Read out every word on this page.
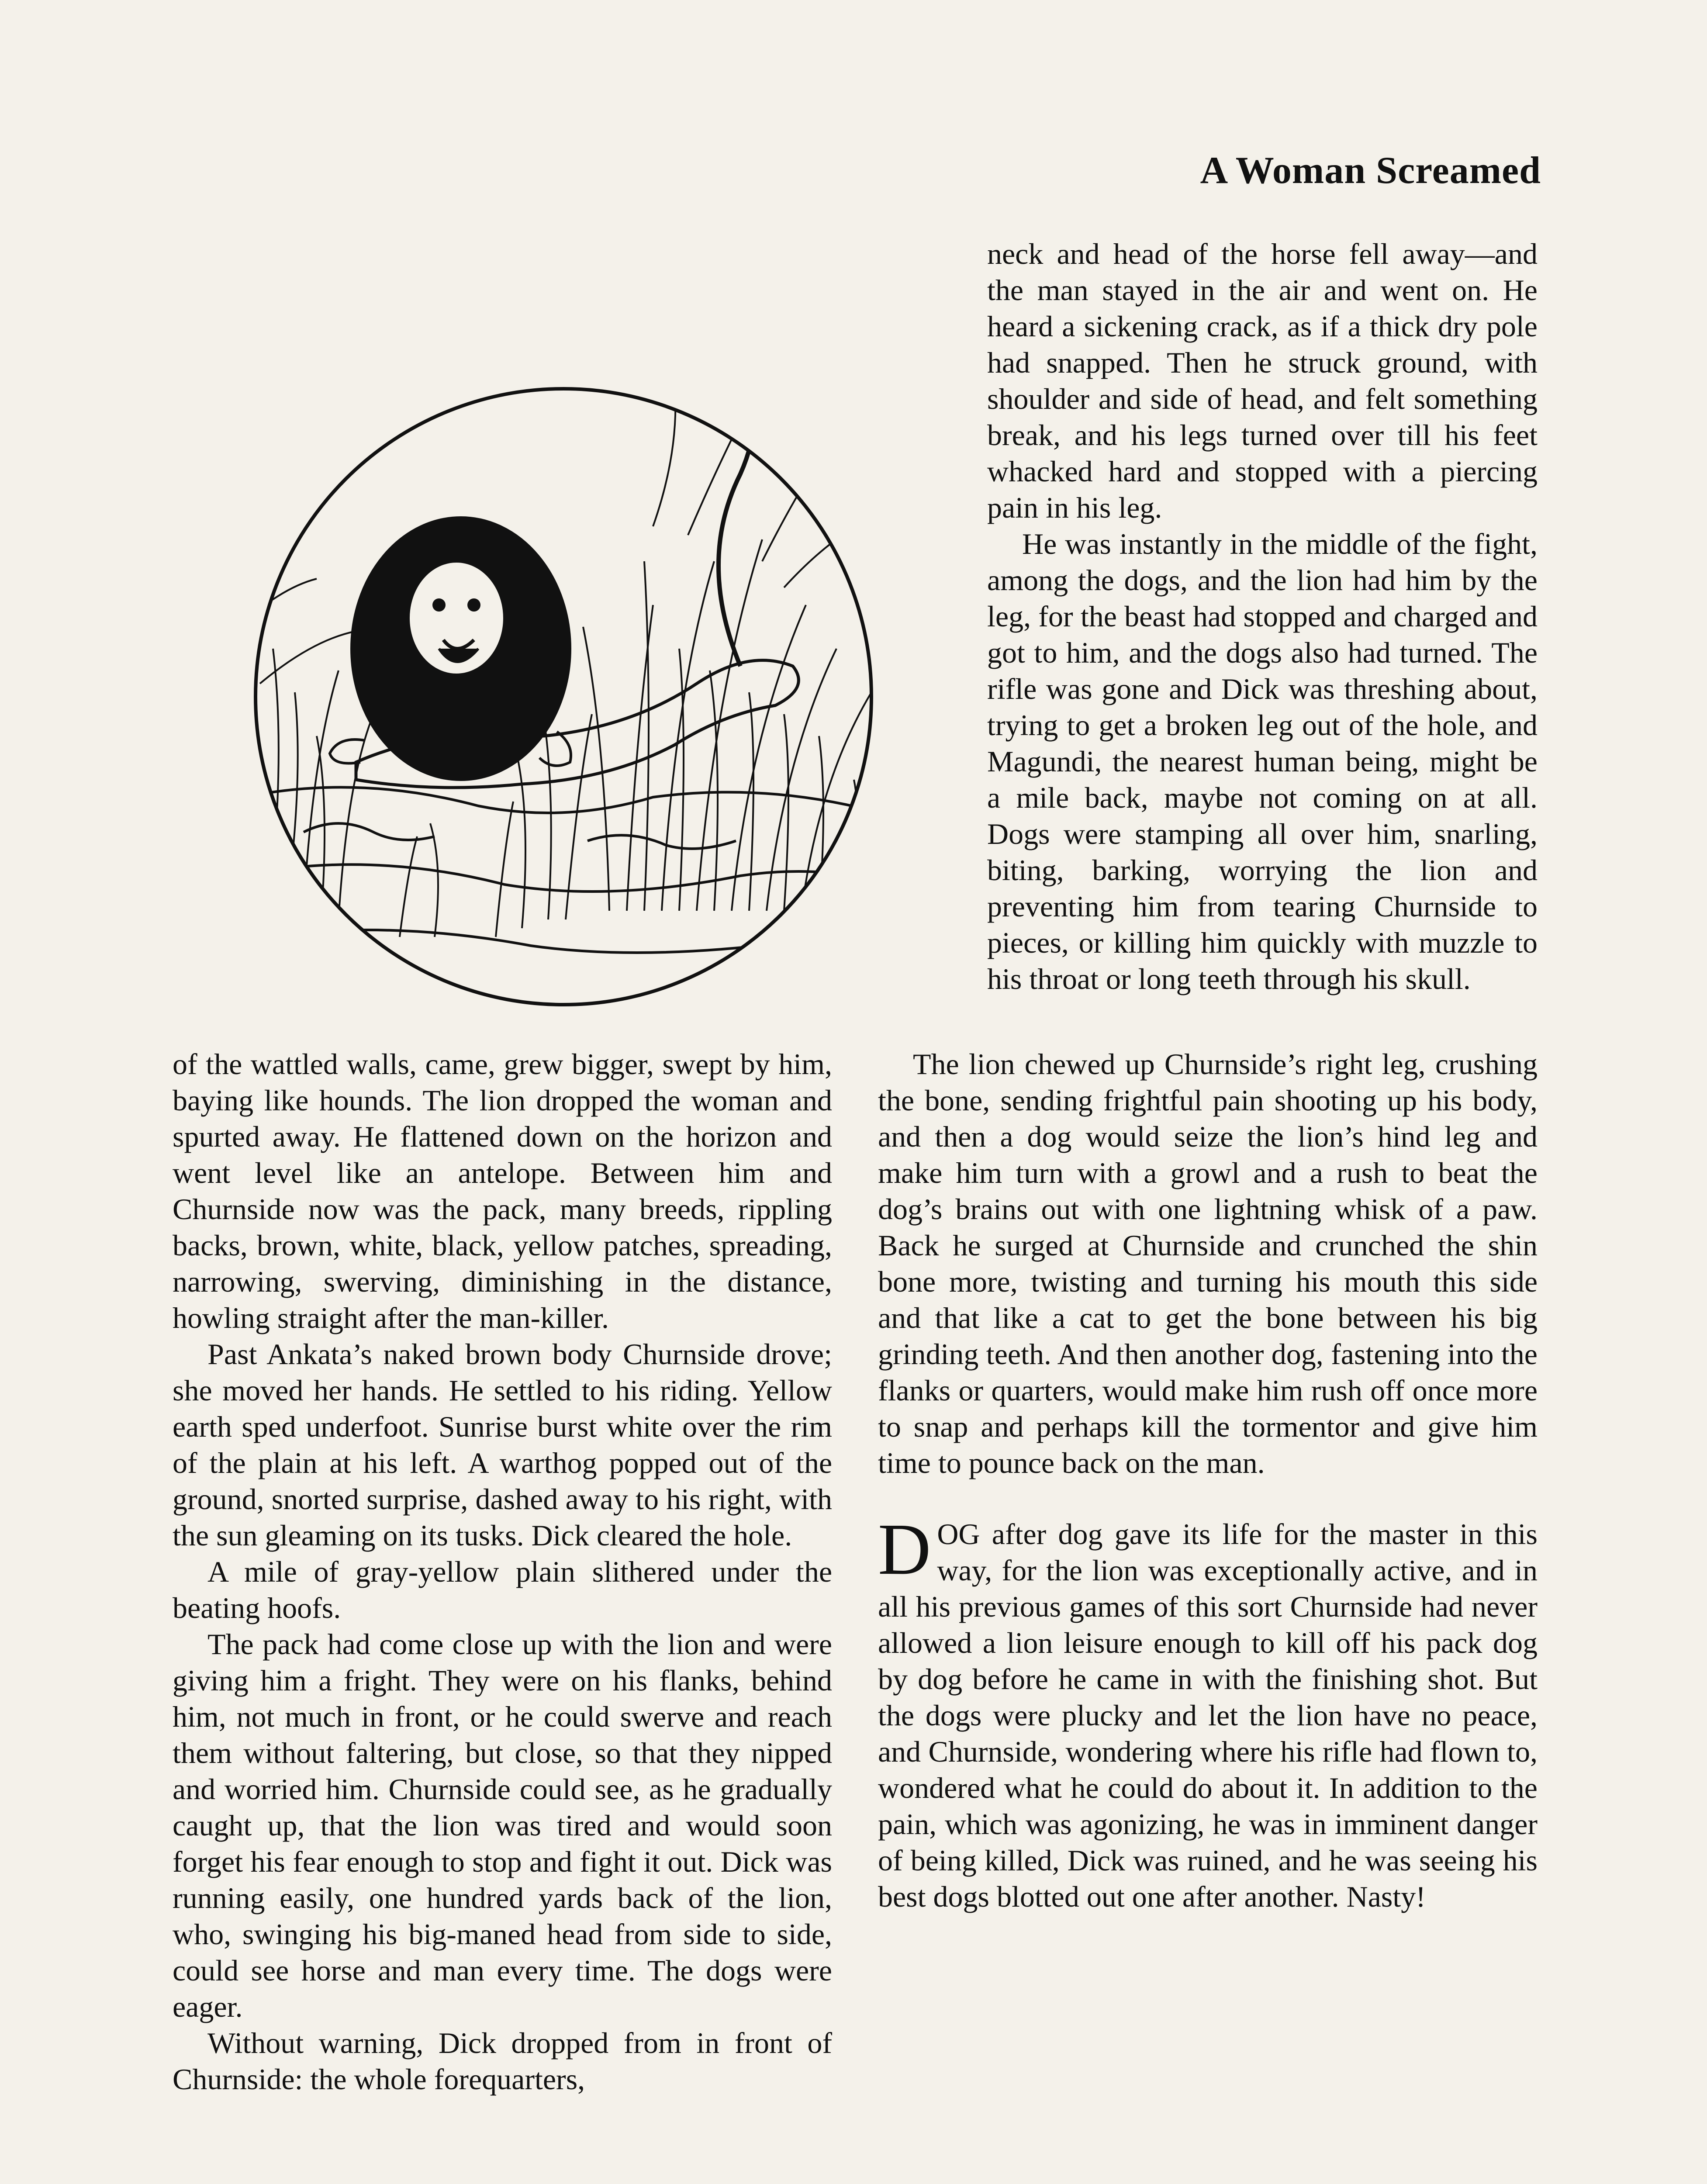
A Woman Screamed

neck and head of the horse fell away—and the man stayed in the air and went on. He heard a sickening crack, as if a thick dry pole had snapped. Then he struck ground, with shoulder and side of head, and felt something break, and his legs turned over till his feet whacked hard and stopped with a piercing pain in his leg.

He was instantly in the middle of the fight, among the dogs, and the lion had him by the leg, for the beast had stopped and charged and got to him, and the dogs also had turned. The rifle was gone and Dick was threshing about, trying to get a broken leg out of the hole, and Magundi, the nearest human being, might be a mile back, maybe not coming on at all. Dogs were stamping all over him, snarling, biting, barking, worrying the lion and preventing him from tearing Churnside to pieces, or killing him quickly with muzzle to his throat or long teeth through his skull.

of the wattled walls, came, grew bigger, swept by him, baying like hounds. The lion dropped the woman and spurted away. He flattened down on the horizon and went level like an antelope. Between him and Churnside now was the pack, many breeds, rippling backs, brown, white, black, yellow patches, spreading, narrowing, swerving, diminishing in the distance, howling straight after the man-killer.

Past Ankata’s naked brown body Churnside drove; she moved her hands. He settled to his riding. Yellow earth sped underfoot. Sunrise burst white over the rim of the plain at his left. A warthog popped out of the ground, snorted surprise, dashed away to his right, with the sun gleaming on its tusks. Dick cleared the hole.

A mile of gray-yellow plain slithered under the beating hoofs.

The pack had come close up with the lion and were giving him a fright. They were on his flanks, behind him, not much in front, or he could swerve and reach them without faltering, but close, so that they nipped and worried him. Churnside could see, as he gradually caught up, that the lion was tired and would soon forget his fear enough to stop and fight it out. Dick was running easily, one hundred yards back of the lion, who, swinging his big-maned head from side to side, could see horse and man every time. The dogs were eager.

Without warning, Dick dropped from in front of Churnside: the whole forequarters,

The lion chewed up Churnside’s right leg, crushing the bone, sending frightful pain shooting up his body, and then a dog would seize the lion’s hind leg and make him turn with a growl and a rush to beat the dog’s brains out with one lightning whisk of a paw. Back he surged at Churnside and crunched the shin bone more, twisting and turning his mouth this side and that like a cat to get the bone between his big grinding teeth. And then another dog, fastening into the flanks or quarters, would make him rush off once more to snap and perhaps kill the tormentor and give him time to pounce back on the man.

DOG after dog gave its life for the master in this way, for the lion was exceptionally active, and in all his previous games of this sort Churnside had never allowed a lion leisure enough to kill off his pack dog by dog before he came in with the finishing shot. But the dogs were plucky and let the lion have no peace, and Churnside, wondering where his rifle had flown to, wondered what he could do about it. In addition to the pain, which was agonizing, he was in imminent danger of being killed, Dick was ruined, and he was seeing his best dogs blotted out one after another. Nasty!
